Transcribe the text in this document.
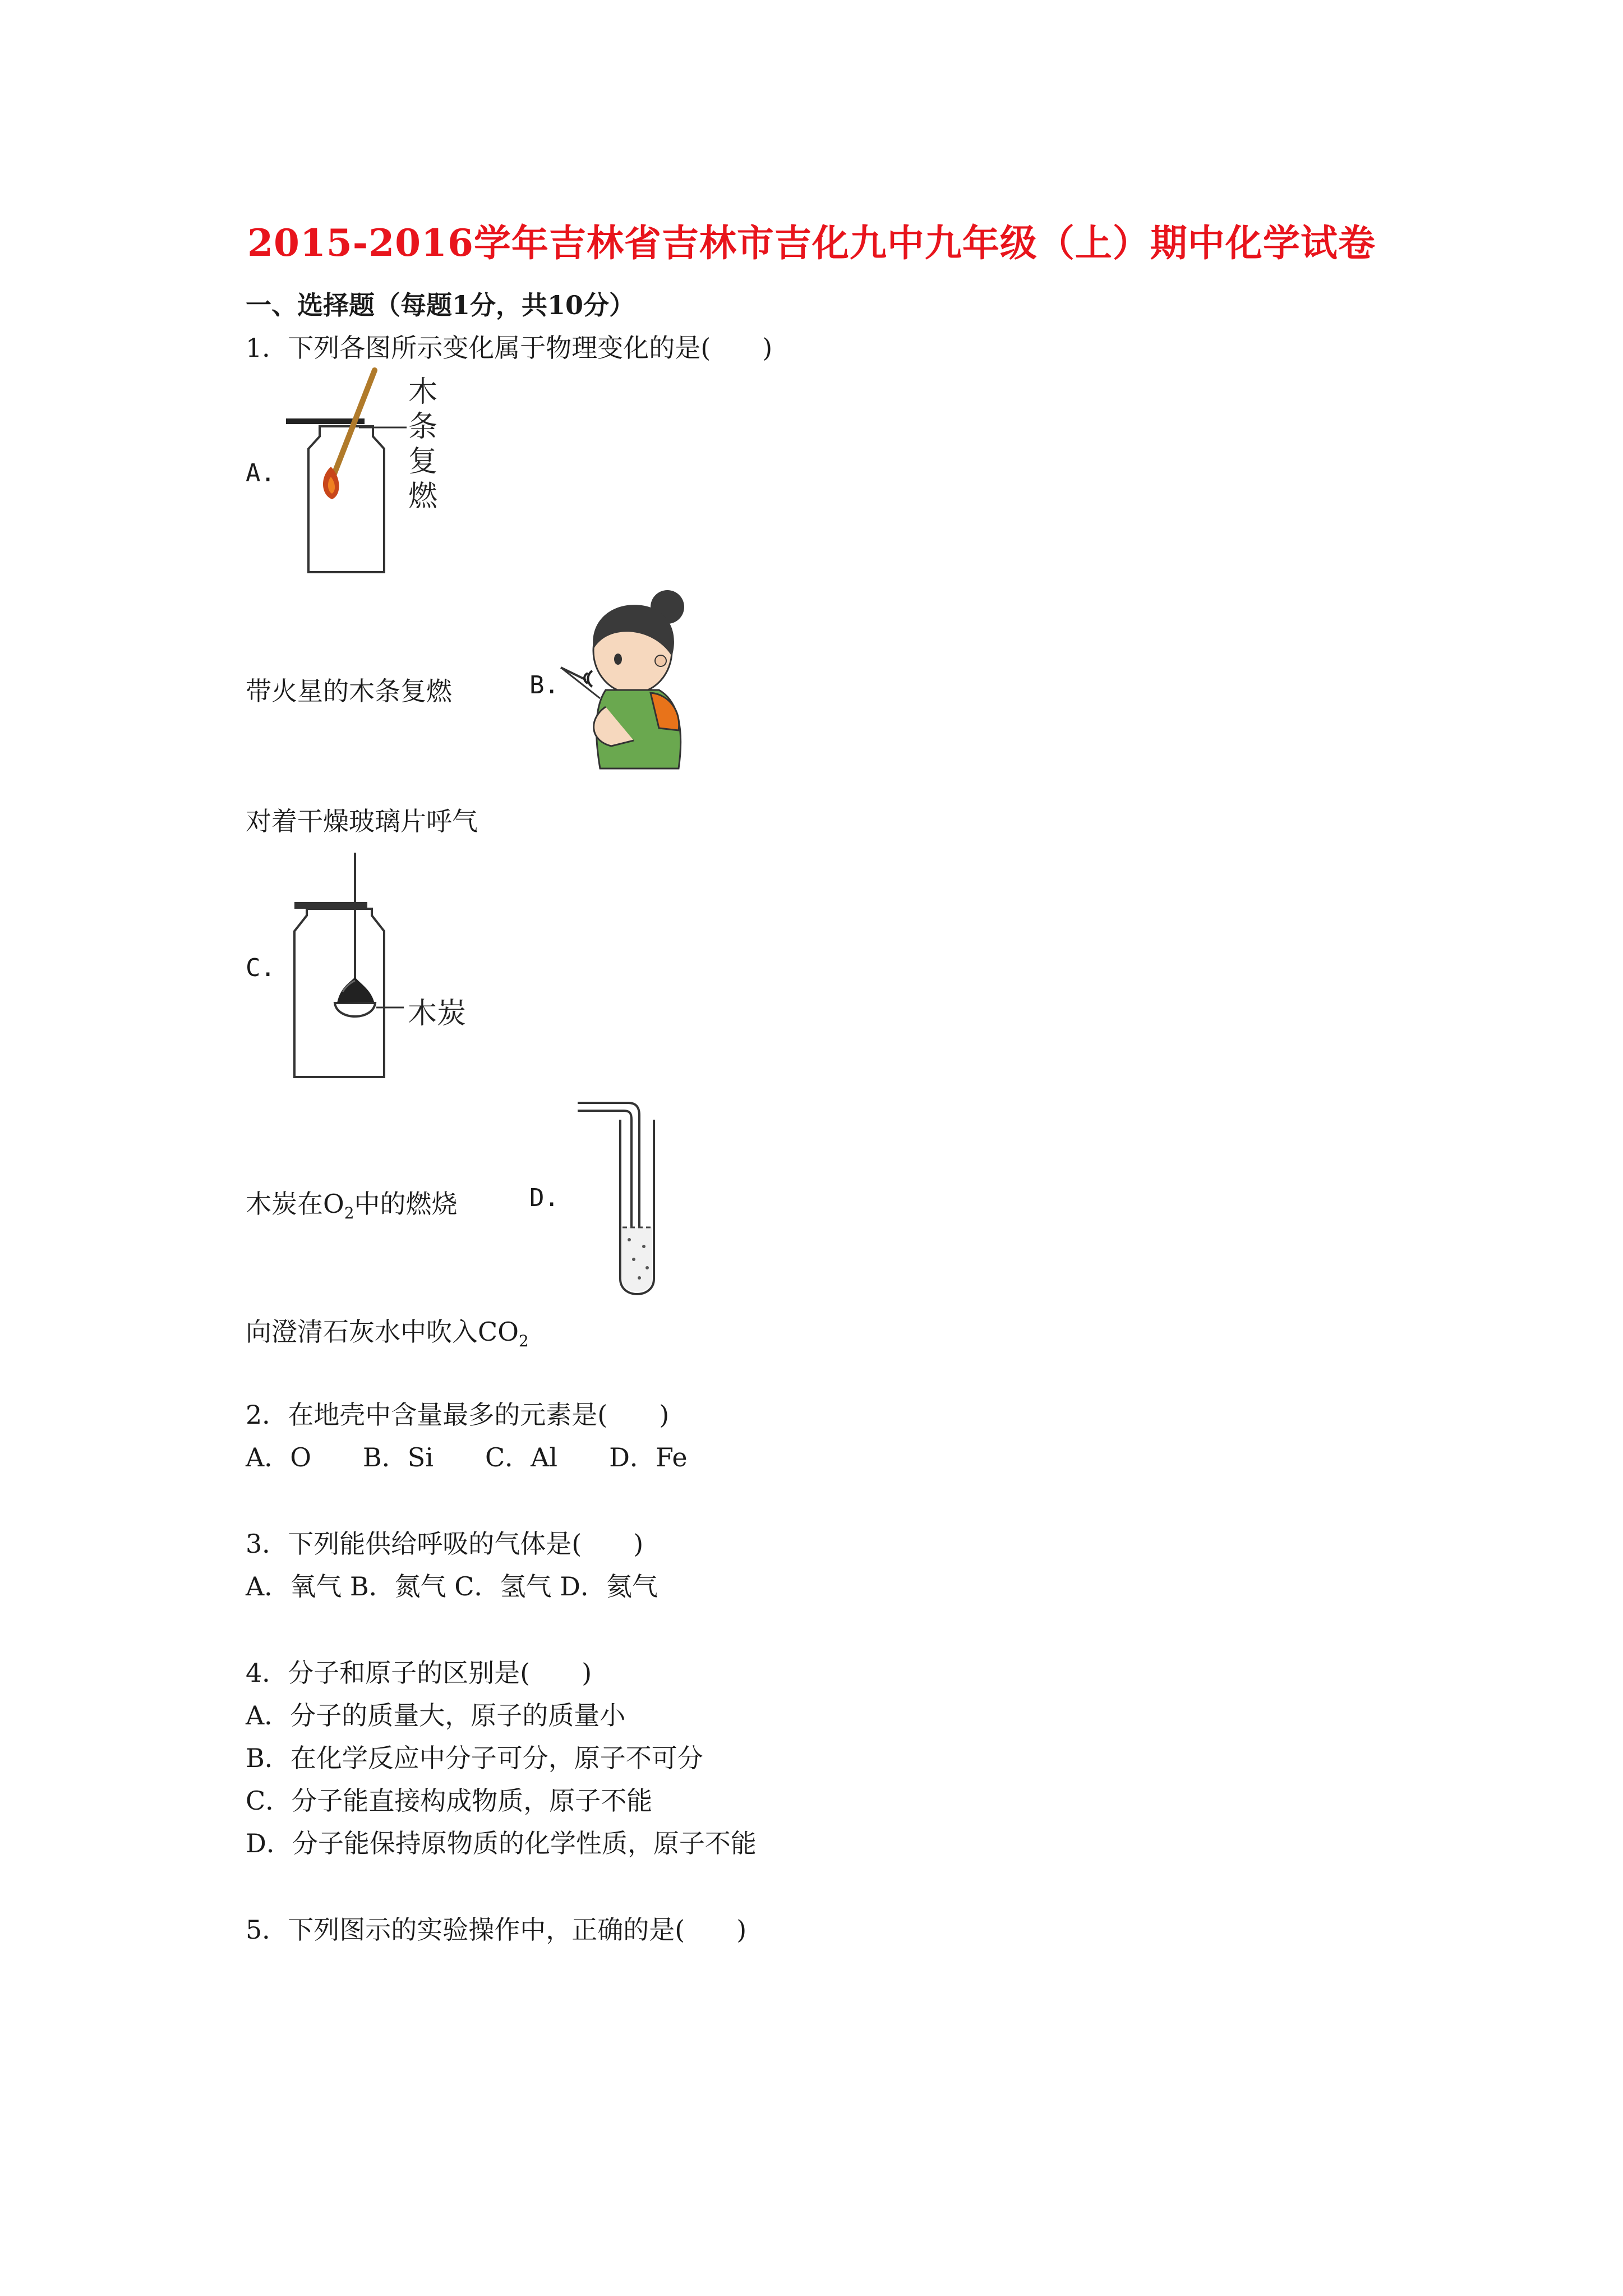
2015-2016学年吉林省吉林市吉化九中九年级（上）期中化学试卷
一、选择题（每题1分，共10分）
1．下列各图所示变化属于物理变化的是(　　)
A.
木
条
复
燃
带火星的木条复燃	B.
对着干燥玻璃片呼气
C.
木炭
木炭在$O_2$中的燃烧	D.
向澄清石灰水中吹入$CO_2$
2．在地壳中含量最多的元素是(　　)
A．O　　B．Si　　C．Al　　D．Fe
3．下列能供给呼吸的气体是(　　)
A．氧气 B．氮气 C．氢气 D．氦气
4．分子和原子的区别是(　　)
A．分子的质量大，原子的质量小
B．在化学反应中分子可分，原子不可分
C．分子能直接构成物质，原子不能
D．分子能保持原物质的化学性质，原子不能
5．下列图示的实验操作中，正确的是(　　)
